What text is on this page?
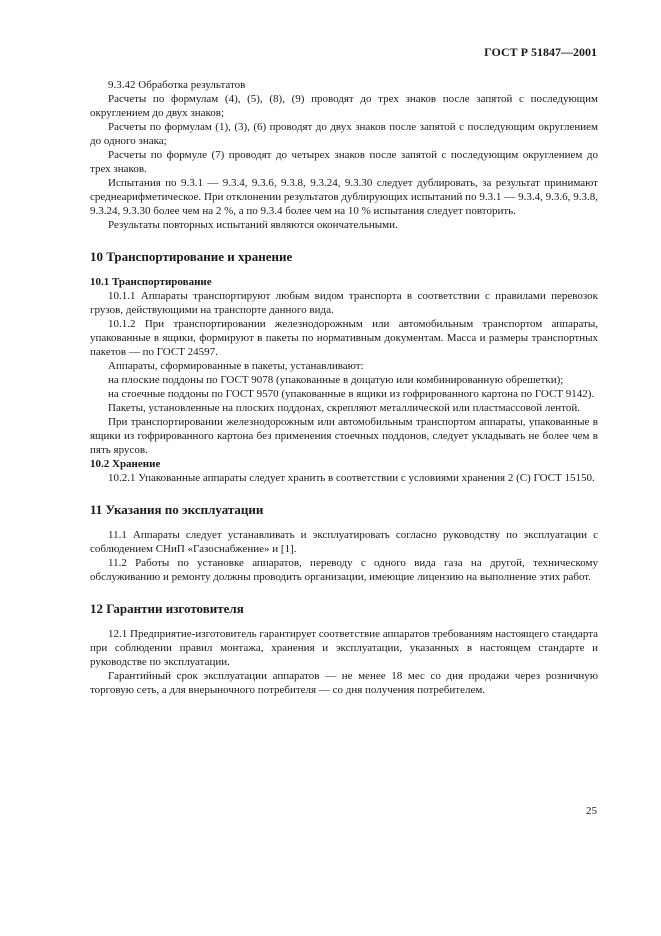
ГОСТ Р 51847—2001

9.3.42 Обработка результатов

Расчеты по формулам (4), (5), (8), (9) проводят до трех знаков после запятой с последующим округлением до двух знаков;

Расчеты по формулам (1), (3), (6) проводят до двух знаков после запятой с последующим округлением до одного знака;

Расчеты по формуле (7) проводят до четырех знаков после запятой с последующим округлением до трех знаков.

Испытания по 9.3.1 — 9.3.4, 9.3.6, 9.3.8, 9.3.24, 9.3.30 следует дублировать, за результат принимают среднеарифметическое. При отклонении результатов дублирующих испытаний по 9.3.1 — 9.3.4, 9.3.6, 9.3.8, 9.3.24, 9.3.30 более чем на 2 %, а по 9.3.4 более чем на 10 % испытания следует повторить.

Результаты повторных испытаний являются окончательными.

10 Транспортирование и хранение
10.1 Транспортирование

10.1.1 Аппараты транспортируют любым видом транспорта в соответствии с правилами перевозок грузов, действующими на транспорте данного вида.

10.1.2 При транспортировании железнодорожным или автомобильным транспортом аппараты, упакованные в ящики, формируют в пакеты по нормативным документам. Масса и размеры транспортных пакетов — по ГОСТ 24597.

Аппараты, сформированные в пакеты, устанавливают:

на плоские поддоны по ГОСТ 9078 (упакованные в дощатую или комбинированную обрешетки);

на стоечные поддоны по ГОСТ 9570 (упакованные в ящики из гофрированного картона по ГОСТ 9142).

Пакеты, установленные на плоских поддонах, скрепляют металлической или пластмассовой лентой.

При транспортировании железнодорожным или автомобильным транспортом аппараты, упакованные в ящики из гофрированного картона без применения стоечных поддонов, следует укладывать не более чем в пять ярусов.

10.2 Хранение

10.2.1 Упакованные аппараты следует хранить в соответствии с условиями хранения 2 (С) ГОСТ 15150.

11 Указания по эксплуатации

11.1 Аппараты следует устанавливать и эксплуатировать согласно руководству по эксплуатации с соблюдением СНиП «Газоснабжение» и [1].

11.2 Работы по установке аппаратов, переводу с одного вида газа на другой, техническому обслуживанию и ремонту должны проводить организации, имеющие лицензию на выполнение этих работ.

12 Гарантии изготовителя

12.1 Предприятие-изготовитель гарантирует соответствие аппаратов требованиям настоящего стандарта при соблюдении правил монтажа, хранения и эксплуатации, указанных в настоящем стандарте и руководстве по эксплуатации.

Гарантийный срок эксплуатации аппаратов — не менее 18 мес со дня продажи через розничную торговую сеть, а для внерыночного потребителя — со дня получения потребителем.

25
